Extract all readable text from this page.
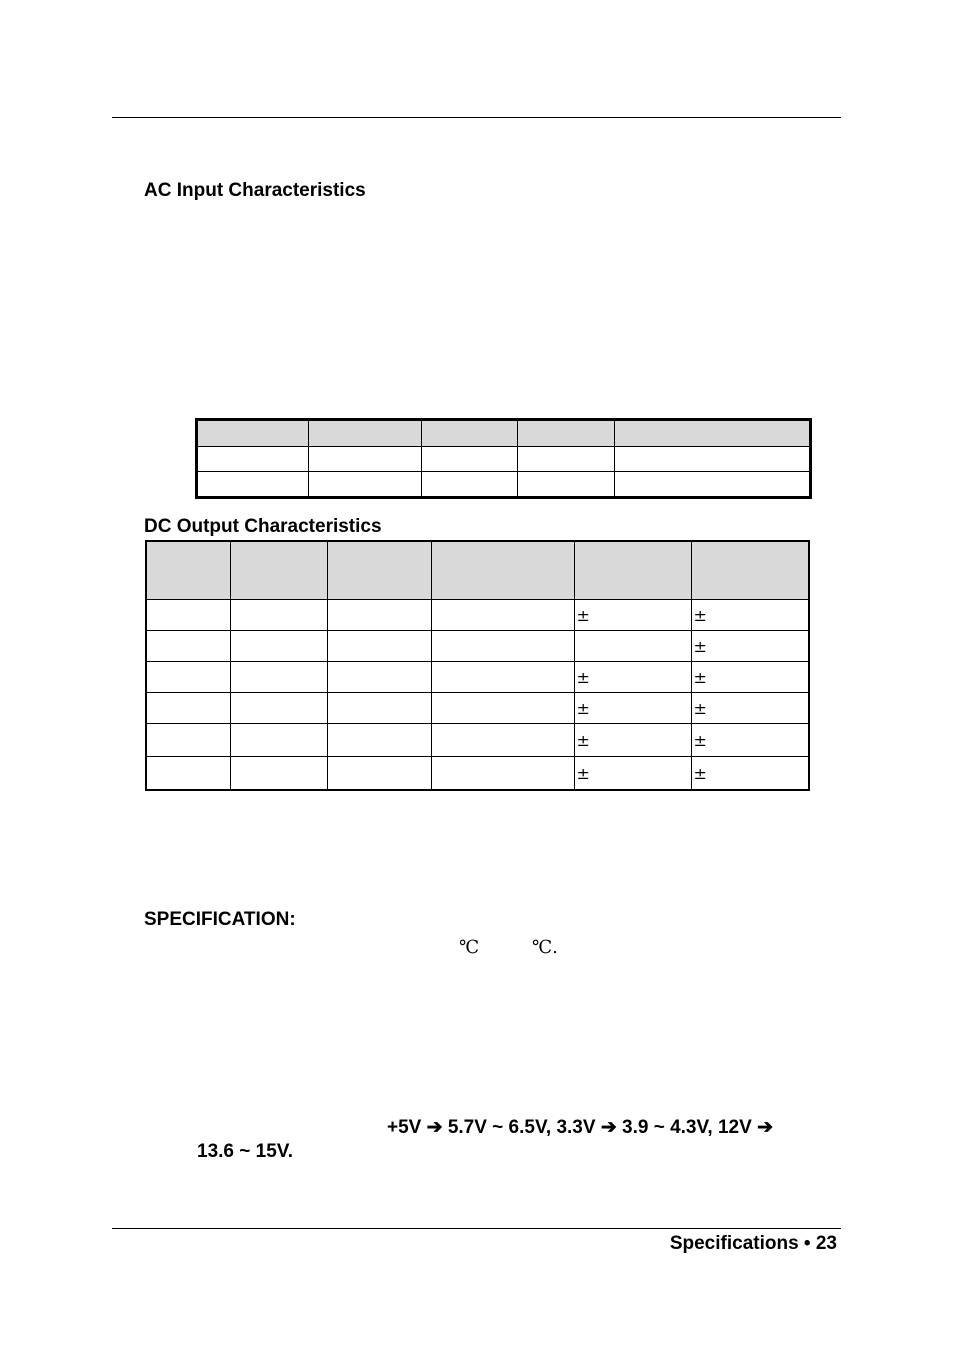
AC Input Characteristics

DC Output Characteristics

				±	±
					±
				±	±
				±	±
				±	±
				±	±
SPECIFICATION:
℃	℃.
+5V ➔ 5.7V ~ 6.5V, 3.3V ➔ 3.9 ~ 4.3V, 12V ➔
13.6 ~ 15V.
Specifications • 23
